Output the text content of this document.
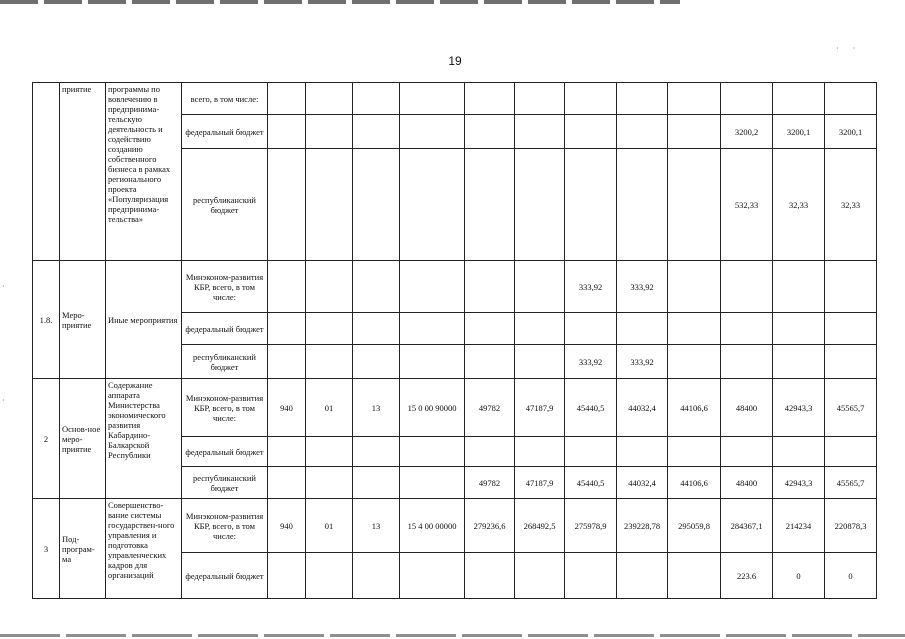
19
· ·
·
·
	приятие	программы по вовлечению в предпринима-тельскую деятельность и содействию созданию собственного бизнеса в рамках регионального проекта «Популяризация предпринима-тельства»	всего, в том числе:												
			федеральный бюджет										3200,2	3200,1	3200,1
			республиканский бюджет										532,33	32,33	32,33
1.8.	Меро-приятие	Иные мероприятия	Минэконом-развития КБР, всего, в том числе:							333,92	333,92				
			федеральный бюджет												
			республиканский бюджет							333,92	333,92				
2	Основ-ное меро-приятие	Содержание аппарата Министерства экономического развития Кабардино-Балкарской Республики	Минэконом-развития КБР, всего, в том числе:	940	01	13	15 0 00 90000	49782	47187,9	45440,5	44032,4	44106,6	48400	42943,3	45565,7
			федеральный бюджет												
			республиканский бюджет					49782	47187,9	45440,5	44032,4	44106,6	48400	42943,3	45565,7
3	Под-програм-ма	Совершенство-вание системы государствен-ного управления и подготовка управленческих кадров для организаций	Минэконом-развития КБР, всего, в том числе:	940	01	13	15 4 00 00000	279236,6	268492,5	275978,9	239228,78	295059,8	284367,1	214234	220878,3
			федеральный бюджет										223.6	0	0
